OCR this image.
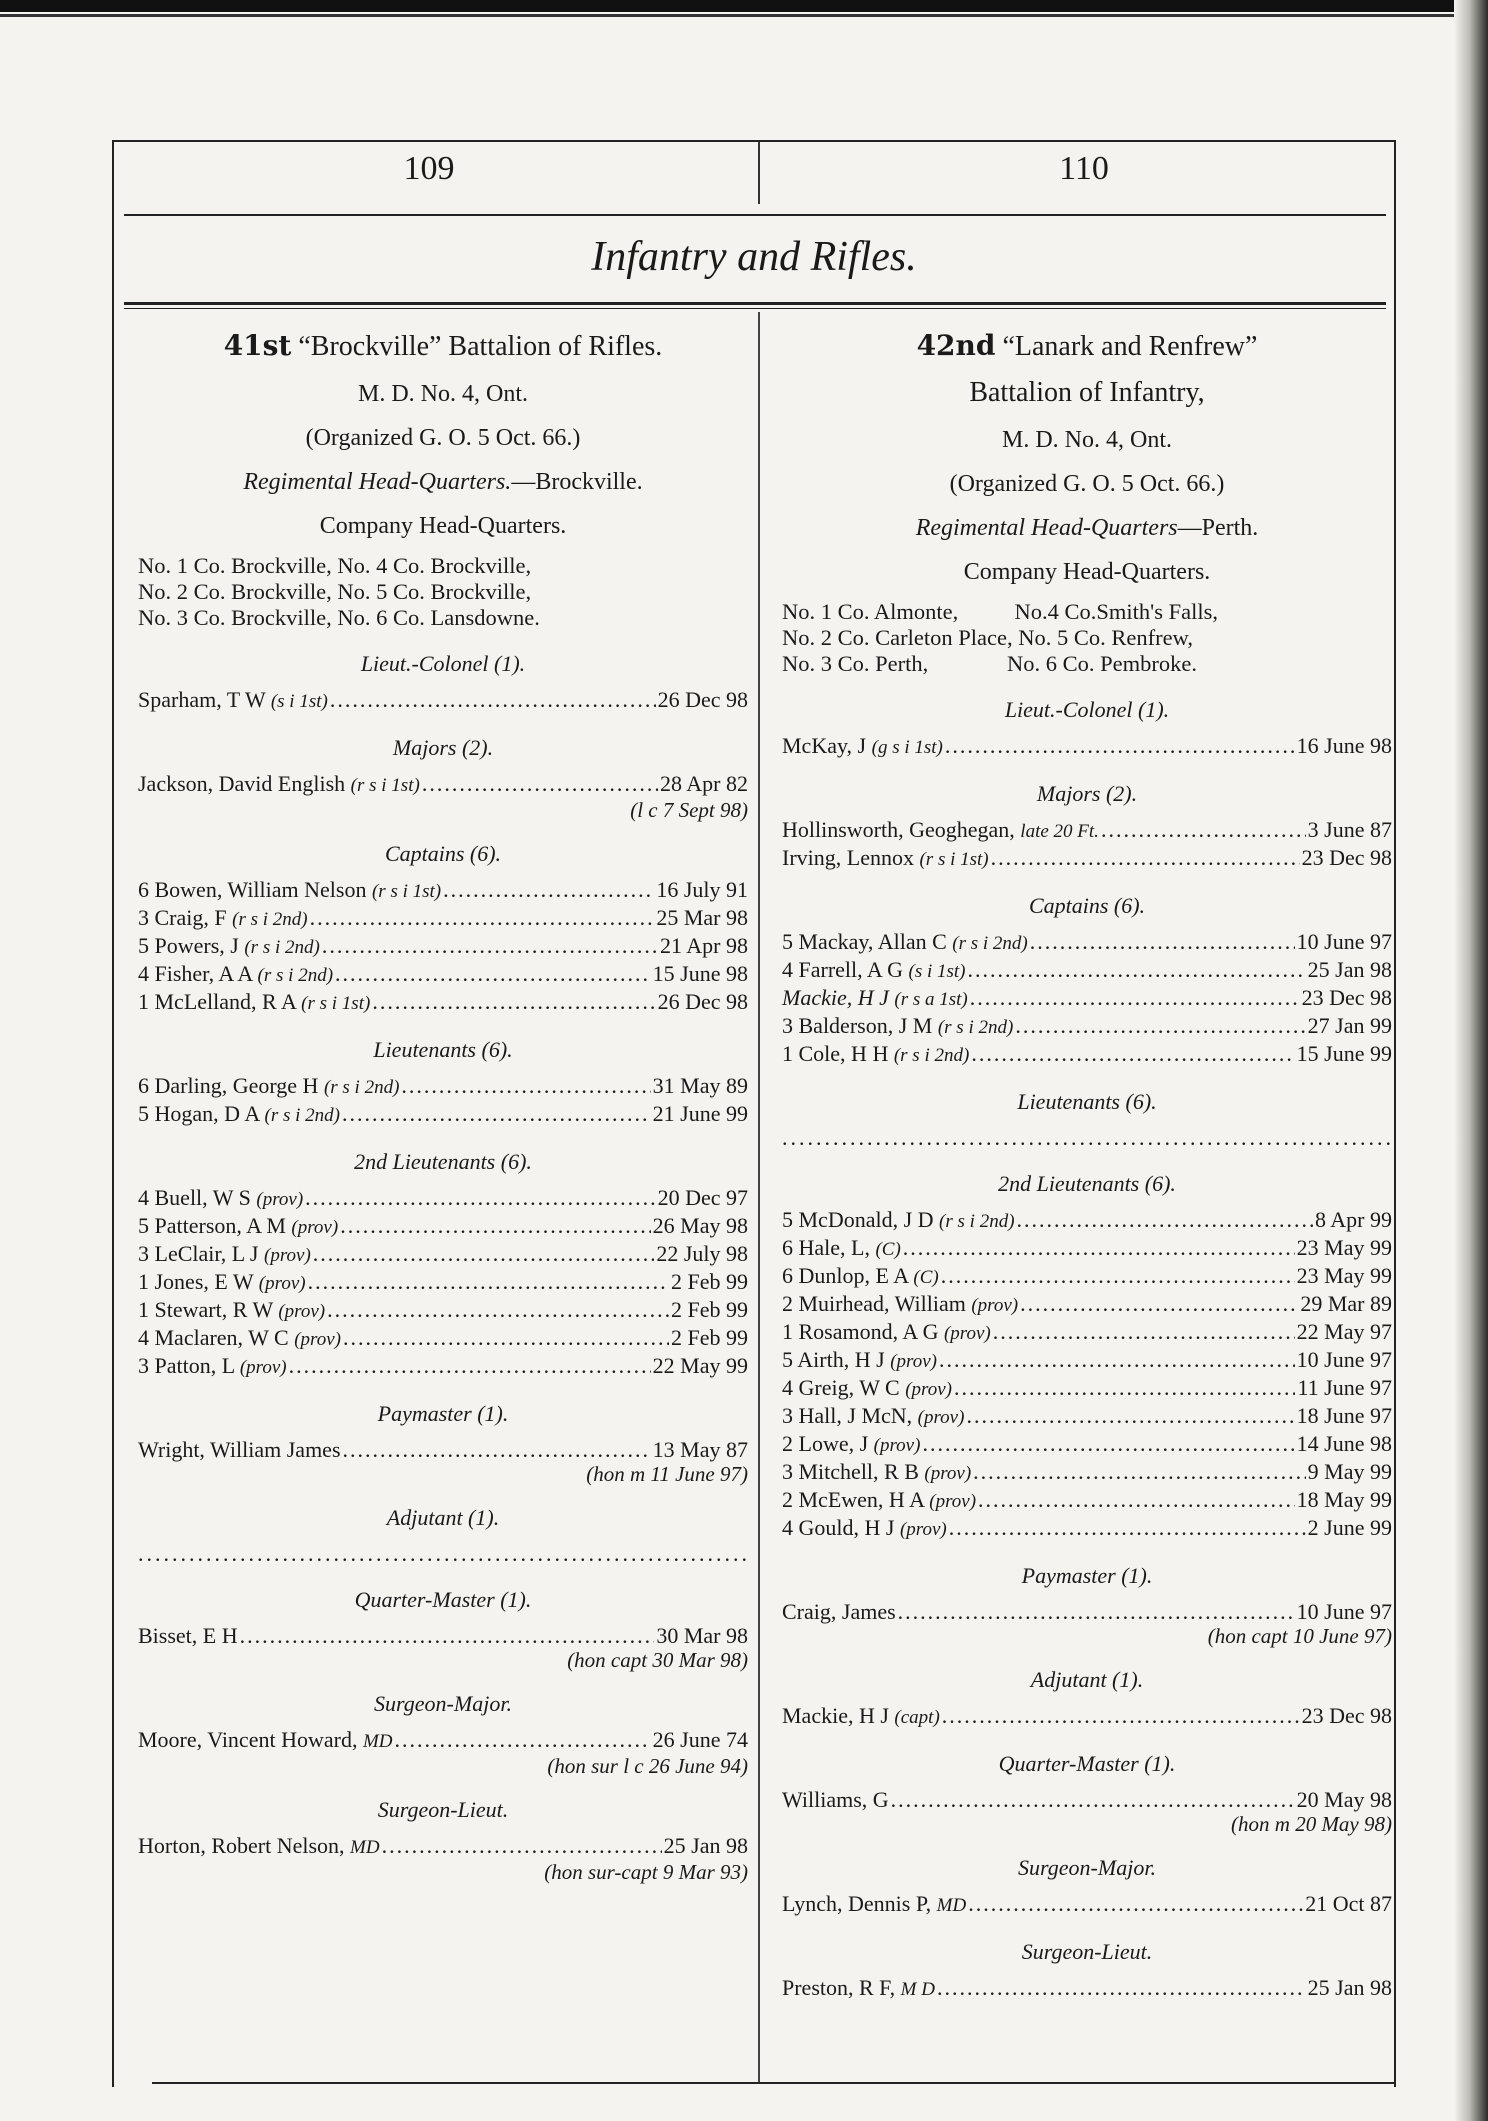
109	110
Infantry and Rifles.
41st “Brockville” Battalion of Rifles.
M. D. No. 4, Ont.
(Organized G. O. 5 Oct. 66.)
Regimental Head-Quarters.—Brockville.
Company Head-Quarters.
No. 1 Co. Brockville, No. 4 Co. Brockville,
No. 2 Co. Brockville, No. 5 Co. Brockville,
No. 3 Co. Brockville, No. 6 Co. Lansdowne.
Lieut.-Colonel (1).
Sparham, T W (s i 1st) .....	26 Dec 98
Majors (2).
Jackson, David English (r s i 1st) .....	28 Apr 82
(l c 7 Sept 98)
Captains (6).
6 Bowen, William Nelson (r s i 1st) .....	16 July 91
3 Craig, F (r s i 2nd) .....	25 Mar 98
5 Powers, J (r s i 2nd) .....	21 Apr 98
4 Fisher, A A (r s i 2nd) .....	15 June 98
1 McLelland, R A (r s i 1st) .....	26 Dec 98
Lieutenants (6).
6 Darling, George H (r s i 2nd) .....	31 May 89
5 Hogan, D A (r s i 2nd) .....	21 June 99
2nd Lieutenants (6).
4 Buell, W S (prov) .....	20 Dec 97
5 Patterson, A M (prov) .....	26 May 98
3 LeClair, L J (prov) .....	22 July 98
1 Jones, E W (prov) .....	2 Feb 99
1 Stewart, R W (prov) .....	2 Feb 99
4 Maclaren, W C (prov) .....	2 Feb 99
3 Patton, L (prov) .....	22 May 99
Paymaster (1).
Wright, William James .....	13 May 87
(hon m 11 June 97)
Adjutant (1).
.....
Quarter-Master (1).
Bisset, E H .....	30 Mar 98
(hon capt 30 Mar 98)
Surgeon-Major.
Moore, Vincent Howard, MD .....	26 June 74
(hon sur l c 26 June 94)
Surgeon-Lieut.
Horton, Robert Nelson, MD .....	25 Jan 98
(hon sur-capt 9 Mar 93)
42nd “Lanark and Renfrew”
Battalion of Infantry,
M. D. No. 4, Ont.
(Organized G. O. 5 Oct. 66.)
Regimental Head-Quarters—Perth.
Company Head-Quarters.
No. 1 Co. Almonte,          No.4 Co.Smith's Falls,
No. 2 Co. Carleton Place, No. 5 Co. Renfrew,
No. 3 Co. Perth,              No. 6 Co. Pembroke.
Lieut.-Colonel (1).
McKay, J (g s i 1st) .....	16 June 98
Majors (2).
Hollinsworth, Geoghegan, late 20 Ft. .....	3 June 87
Irving, Lennox (r s i 1st) .....	23 Dec 98
Captains (6).
5 Mackay, Allan C (r s i 2nd) .....	10 June 97
4 Farrell, A G (s i 1st) .....	25 Jan 98
Mackie, H J (r s a 1st) .....	23 Dec 98
3 Balderson, J M (r s i 2nd) .....	27 Jan 99
1 Cole, H H (r s i 2nd) .....	15 June 99
Lieutenants (6).
.....
2nd Lieutenants (6).
5 McDonald, J D (r s i 2nd) .....	8 Apr 99
6 Hale, L, (C) .....	23 May 99
6 Dunlop, E A (C) .....	23 May 99
2 Muirhead, William (prov) .....	29 Mar 89
1 Rosamond, A G (prov) .....	22 May 97
5 Airth, H J (prov) .....	10 June 97
4 Greig, W C (prov) .....	11 June 97
3 Hall, J McN, (prov) .....	18 June 97
2 Lowe, J (prov) .....	14 June 98
3 Mitchell, R B (prov) .....	9 May 99
2 McEwen, H A (prov) .....	18 May 99
4 Gould, H J (prov) .....	2 June 99
Paymaster (1).
Craig, James .....	10 June 97
(hon capt 10 June 97)
Adjutant (1).
Mackie, H J (capt) .....	23 Dec 98
Quarter-Master (1).
Williams, G .....	20 May 98
(hon m 20 May 98)
Surgeon-Major.
Lynch, Dennis P, MD .....	21 Oct 87
Surgeon-Lieut.
Preston, R F, M D .....	25 Jan 98
